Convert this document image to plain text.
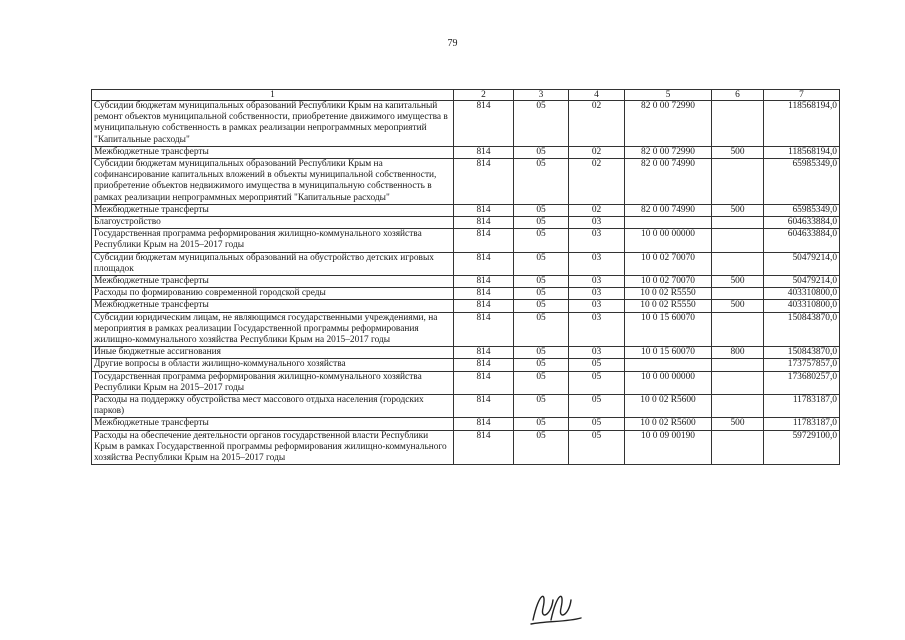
79
1	2	3	4	5	6	7
Субсидии бюджетам муниципальных образований Республики Крым на капитальный ремонт объектов муниципальной собственности, приобретение движимого имущества в муниципальную собственность в рамках реализации непрограммных мероприятий "Капитальные расходы"	814	05	02	82 0 00 72990		118568194,0
Межбюджетные трансферты	814	05	02	82 0 00 72990	500	118568194,0
Субсидии бюджетам муниципальных образований Республики Крым на софинансирование капитальных вложений в объекты муниципальной собственности, приобретение объектов недвижимого имущества в муниципальную собственность в рамках реализации непрограммных мероприятий "Капитальные расходы"	814	05	02	82 0 00 74990		65985349,0
Межбюджетные трансферты	814	05	02	82 0 00 74990	500	65985349,0
Благоустройство	814	05	03			604633884,0
Государственная программа реформирования жилищно-коммунального хозяйства Республики Крым на 2015–2017 годы	814	05	03	10 0 00 00000		604633884,0
Субсидии бюджетам муниципальных образований на обустройство детских игровых площадок	814	05	03	10 0 02 70070		50479214,0
Межбюджетные трансферты	814	05	03	10 0 02 70070	500	50479214,0
Расходы по формированию современной городской среды	814	05	03	10 0 02 R5550		403310800,0
Межбюджетные трансферты	814	05	03	10 0 02 R5550	500	403310800,0
Субсидии юридическим лицам, не являющимся государственными учреждениями, на мероприятия в рамках реализации Государственной программы реформирования жилищно-коммунального хозяйства Республики Крым на 2015–2017 годы	814	05	03	10 0 15 60070		150843870,0
Иные бюджетные ассигнования	814	05	03	10 0 15 60070	800	150843870,0
Другие вопросы в области жилищно-коммунального хозяйства	814	05	05			173757857,0
Государственная программа реформирования жилищно-коммунального хозяйства Республики Крым на 2015–2017 годы	814	05	05	10 0 00 00000		173680257,0
Расходы на поддержку обустройства мест массового отдыха населения (городских парков)	814	05	05	10 0 02 R5600		11783187,0
Межбюджетные трансферты	814	05	05	10 0 02 R5600	500	11783187,0
Расходы на обеспечение деятельности органов государственной власти Республики Крым в рамках Государственной программы реформирования жилищно-коммунального хозяйства Республики Крым на 2015–2017 годы	814	05	05	10 0 09 00190		59729100,0
